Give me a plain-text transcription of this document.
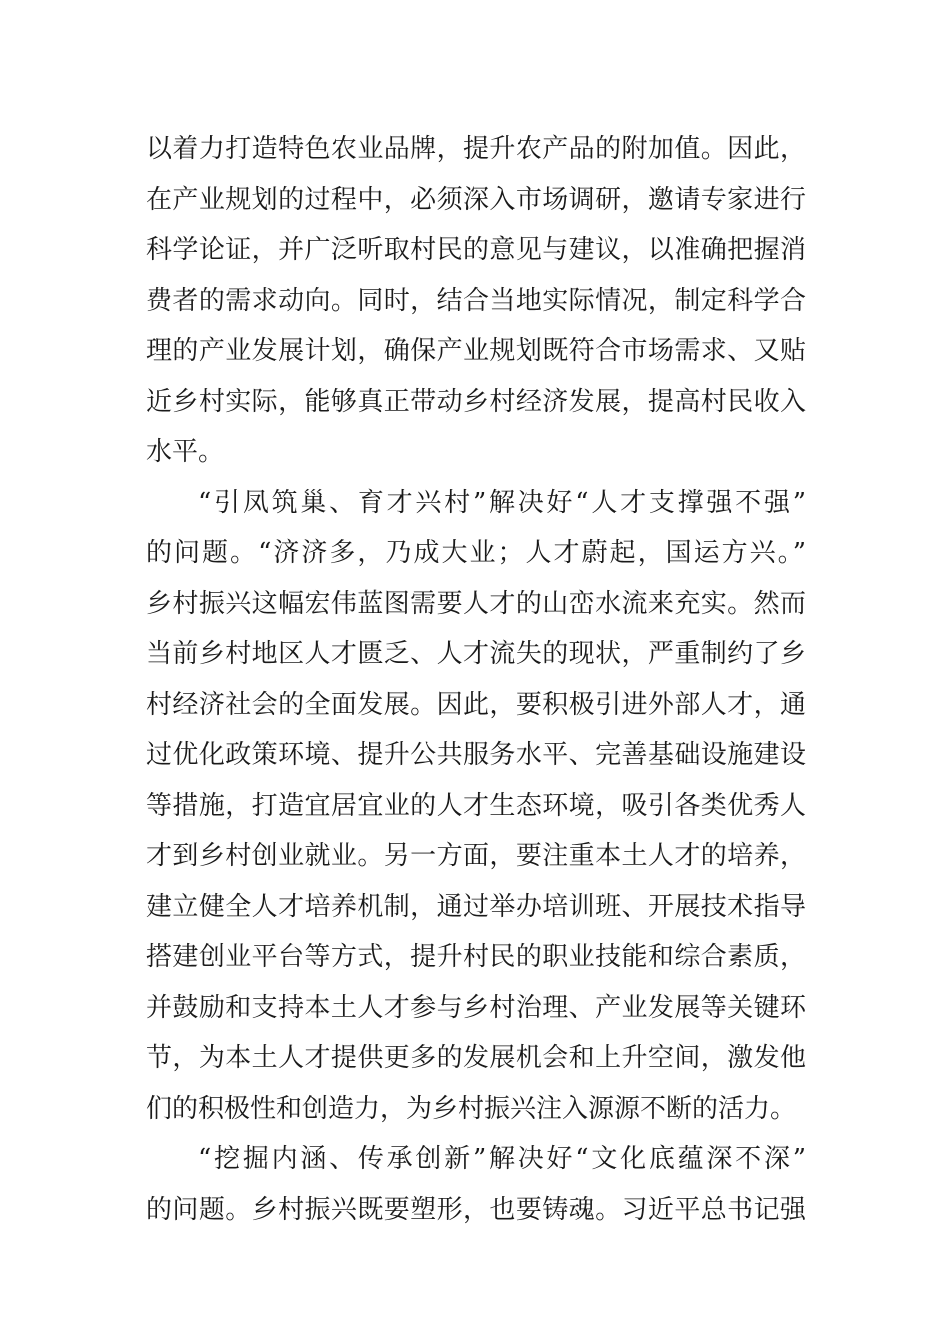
以着力打造特色农业品牌，提升农产品的附加值。因此，
在产业规划的过程中，必须深入市场调研，邀请专家进行
科学论证，并广泛听取村民的意见与建议，以准确把握消
费者的需求动向。同时，结合当地实际情况，制定科学合
理的产业发展计划，确保产业规划既符合市场需求、又贴
近乡村实际，能够真正带动乡村经济发展，提高村民收入
水平。
“引凤筑巢、育才兴村”解决好“人才支撑强不强”
的问题。“济济多，乃成大业；人才蔚起，国运方兴。”
乡村振兴这幅宏伟蓝图需要人才的山峦水流来充实。然而
当前乡村地区人才匮乏、人才流失的现状，严重制约了乡
村经济社会的全面发展。因此，要积极引进外部人才，通
过优化政策环境、提升公共服务水平、完善基础设施建设
等措施，打造宜居宜业的人才生态环境，吸引各类优秀人
才到乡村创业就业。另一方面，要注重本土人才的培养，
建立健全人才培养机制，通过举办培训班、开展技术指导
搭建创业平台等方式，提升村民的职业技能和综合素质，
并鼓励和支持本土人才参与乡村治理、产业发展等关键环
节，为本土人才提供更多的发展机会和上升空间，激发他
们的积极性和创造力，为乡村振兴注入源源不断的活力。
“挖掘内涵、传承创新”解决好“文化底蕴深不深”
的问题。乡村振兴既要塑形，也要铸魂。习近平总书记强
